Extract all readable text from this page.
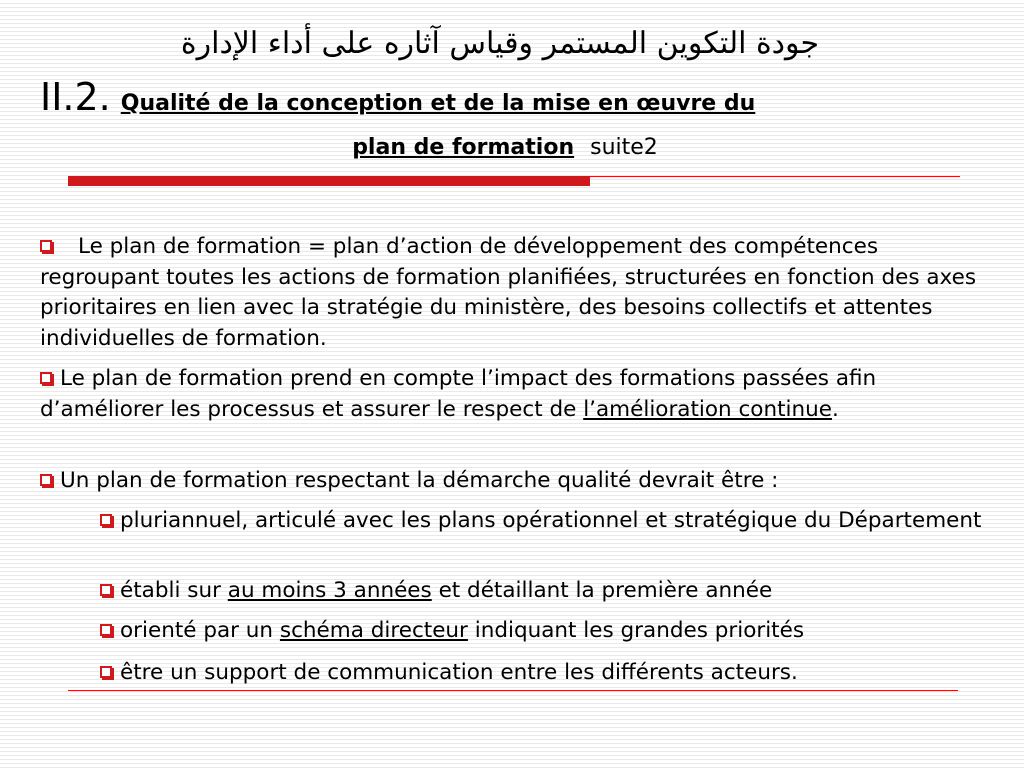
جودة التكوين المستمر وقياس آثاره على أداء الإدارة
II.2. Qualité de la conception et de la mise en œuvre du
plan de formation suite2

Le plan de formation = plan d’action de développement des compétences regroupant toutes les actions de formation planifiées, structurées en fonction des axes prioritaires en lien avec la stratégie du ministère, des besoins collectifs et attentes individuelles de formation.

Le plan de formation prend en compte l’impact des formations passées afin d’améliorer les processus et assurer le respect de l’amélioration continue.

Un plan de formation respectant la démarche qualité devrait être :

pluriannuel, articulé avec les plans opérationnel et stratégique du Département

établi sur au moins 3 années et détaillant la première année

orienté par un schéma directeur indiquant les grandes priorités

être un support de communication entre les différents acteurs.
